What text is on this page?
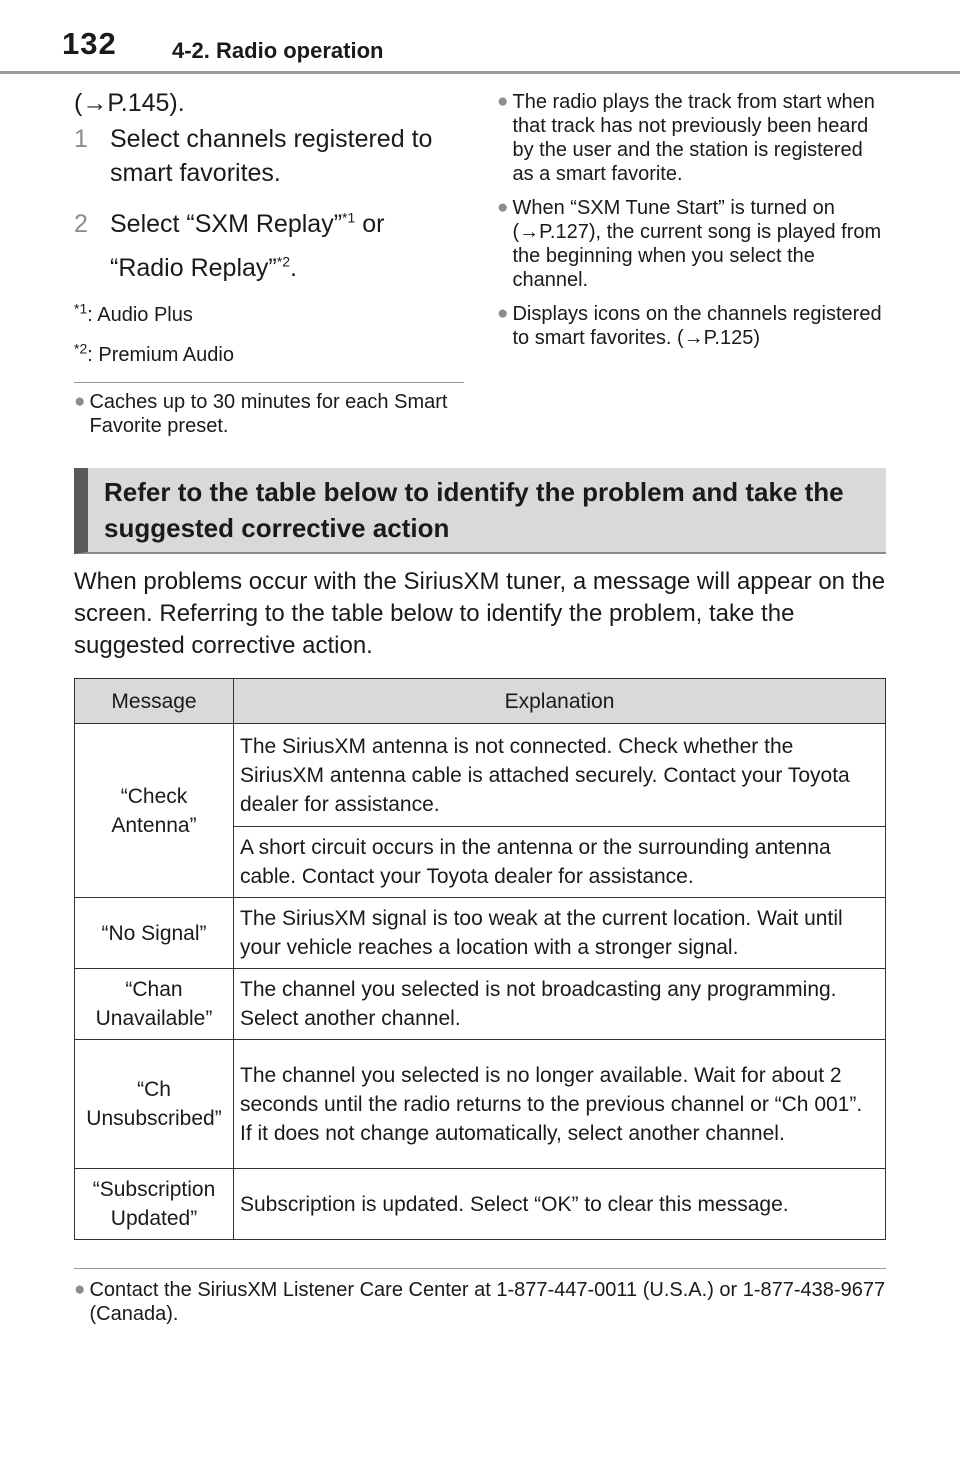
132	4-2. Radio operation
(→P.145).
1 Select channels registered to smart favorites.
2 Select “SXM Replay”$^{*1}$ or “Radio Replay”$^{*2}$.
$^{*1}$: Audio Plus
$^{*2}$: Premium Audio
● Caches up to 30 minutes for each Smart Favorite preset.
● The radio plays the track from start when that track has not previously been heard by the user and the station is registered as a smart favorite.
● When “SXM Tune Start” is turned on (→P.127), the current song is played from the beginning when you select the channel.
● Displays icons on the channels registered to smart favorites. (→P.125)
Refer to the table below to identify the problem and take the suggested corrective action
When problems occur with the SiriusXM tuner, a message will appear on the screen. Referring to the table below to identify the problem, take the suggested corrective action.
Message	Explanation
“Check Antenna”	The SiriusXM antenna is not connected. Check whether the SiriusXM antenna cable is attached securely. Contact your Toyota dealer for assistance.
	A short circuit occurs in the antenna or the surrounding antenna cable. Contact your Toyota dealer for assistance.
“No Signal”	The SiriusXM signal is too weak at the current location. Wait until your vehicle reaches a location with a stronger signal.
“Chan Unavailable”	The channel you selected is not broadcasting any programming. Select another channel.
“Ch Unsubscribed”	The channel you selected is no longer available. Wait for about 2 seconds until the radio returns to the previous channel or “Ch 001”. If it does not change automatically, select another channel.
“Subscription Updated”	Subscription is updated. Select “OK” to clear this message.
● Contact the SiriusXM Listener Care Center at 1-877-447-0011 (U.S.A.) or 1-877-438-9677 (Canada).
